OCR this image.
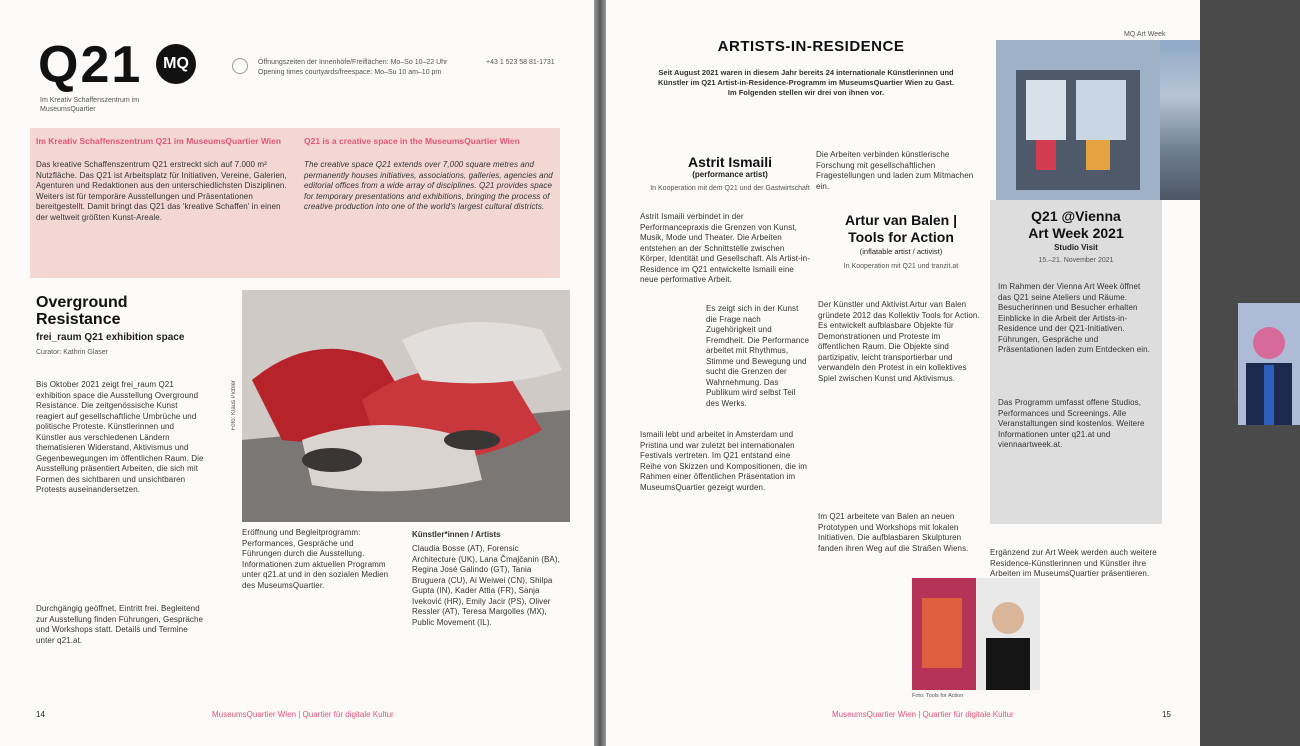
Q21	MQ
Im Kreativ Schaffenszentrum im MuseumsQuartier
Öffnungszeiten der Innenhöfe/Freiflächen: Mo–So 10–22 Uhr
Opening times courtyards/freespace: Mo–Su 10 am–10 pm
+43 1 523 58 81-1731
Im Kreativ Schaffenszentrum Q21 im MuseumsQuartier Wien
Das kreative Schaffenszentrum Q21 erstreckt sich auf 7.000 m² Nutzfläche. Das Q21 ist Arbeitsplatz für Initiativen, Vereine, Galerien, Agenturen und Redaktionen aus den unterschiedlichsten Disziplinen. Weiters ist für temporäre Ausstellungen und Präsentationen bereitgestellt. Damit bringt das Q21 das 'kreative Schaffen' in einen der weltweit größten Kunst-Areale.
Q21 is a creative space in the MuseumsQuartier Wien
The creative space Q21 extends over 7,000 square metres and permanently houses initiatives, associations, galleries, agencies and editorial offices from a wide array of disciplines. Q21 provides space for temporary presentations and exhibitions, bringing the process of creative production into one of the world's largest cultural districts.
Overground Resistance
frei_raum Q21 exhibition space
Curator: Kathrin Glaser
Bis Oktober 2021 zeigt frei_raum Q21 exhibition space die Ausstellung Overground Resistance. Die zeitgenössische Kunst reagiert auf gesellschaftliche Umbrüche und politische Proteste. Künstlerinnen und Künstler aus verschiedenen Ländern thematisieren Widerstand, Aktivismus und Gegenbewegungen im öffentlichen Raum. Die Ausstellung präsentiert Arbeiten, die sich mit Formen des sichtbaren und unsichtbaren Protests auseinandersetzen.
Durchgängig geöffnet, Eintritt frei. Begleitend zur Ausstellung finden Führungen, Gespräche und Workshops statt. Details und Termine unter q21.at.
Foto: Klaus Pichler
Eröffnung und Begleitprogramm: Performances, Gespräche und Führungen durch die Ausstellung. Informationen zum aktuellen Programm unter q21.at und in den sozialen Medien des MuseumsQuartier.
Künstler*innen / Artists
Claudia Bosse (AT), Forensic Architecture (UK), Lana Čmajčanin (BA), Regina José Galindo (GT), Tania Bruguera (CU), Ai Weiwei (CN), Shilpa Gupta (IN), Kader Attia (FR), Sanja Iveković (HR), Emily Jacir (PS), Oliver Ressler (AT), Teresa Margolles (MX), Public Movement (IL).
14	MuseumsQuartier Wien | Quartier für digitale Kultur
MQ Art Week
ARTISTS-IN-RESIDENCE
Seit August 2021 waren in diesem Jahr bereits 24 internationale Künstlerinnen und Künstler im Q21 Artist-in-Residence-Programm im MuseumsQuartier Wien zu Gast. Im Folgenden stellen wir drei von ihnen vor.
Astrit Ismaili
(performance artist)
In Kooperation mit dem Q21 und der Gastwirtschaft
Astrit Ismaili verbindet in der Performancepraxis die Grenzen von Kunst, Musik, Mode und Theater. Die Arbeiten entstehen an der Schnittstelle zwischen Körper, Identität und Gesellschaft. Als Artist-in-Residence im Q21 entwickelte Ismaili eine neue performative Arbeit.
Foto: Astrit Ismaili
Es zeigt sich in der Kunst die Frage nach Zugehörigkeit und Fremdheit. Die Performance arbeitet mit Rhythmus, Stimme und Bewegung und sucht die Grenzen der Wahrnehmung. Das Publikum wird selbst Teil des Werks.
Ismaili lebt und arbeitet in Amsterdam und Pristina und war zuletzt bei internationalen Festivals vertreten. Im Q21 entstand eine Reihe von Skizzen und Kompositionen, die im Rahmen einer öffentlichen Präsentation im MuseumsQuartier gezeigt wurden.
Die Arbeiten verbinden künstlerische Forschung mit gesellschaftlichen Fragestellungen und laden zum Mitmachen ein.
Artur van Balen |
Tools for Action
(inflatable artist / activist)
In Kooperation mit Q21 und tranzit.at
Der Künstler und Aktivist Artur van Balen gründete 2012 das Kollektiv Tools for Action. Es entwickelt aufblasbare Objekte für Demonstrationen und Proteste im öffentlichen Raum. Die Objekte sind partizipativ, leicht transportierbar und verwandeln den Protest in ein kollektives Spiel zwischen Kunst und Aktivismus.
Im Q21 arbeitete van Balen an neuen Prototypen und Workshops mit lokalen Initiativen. Die aufblasbaren Skulpturen fanden ihren Weg auf die Straßen Wiens.
Foto: Tools for Action
Q21 @Vienna
Art Week 2021
Studio Visit
15.–21. November 2021
Im Rahmen der Vienna Art Week öffnet das Q21 seine Ateliers und Räume. Besucherinnen und Besucher erhalten Einblicke in die Arbeit der Artists-in-Residence und der Q21-Initiativen. Führungen, Gespräche und Präsentationen laden zum Entdecken ein.
Das Programm umfasst offene Studios, Performances und Screenings. Alle Veranstaltungen sind kostenlos. Weitere Informationen unter q21.at und viennaartweek.at.
Ergänzend zur Art Week werden auch weitere Residence-Künstlerinnen und Künstler ihre Arbeiten im MuseumsQuartier präsentieren.
MuseumsQuartier Wien | Quartier für digitale Kultur	15
